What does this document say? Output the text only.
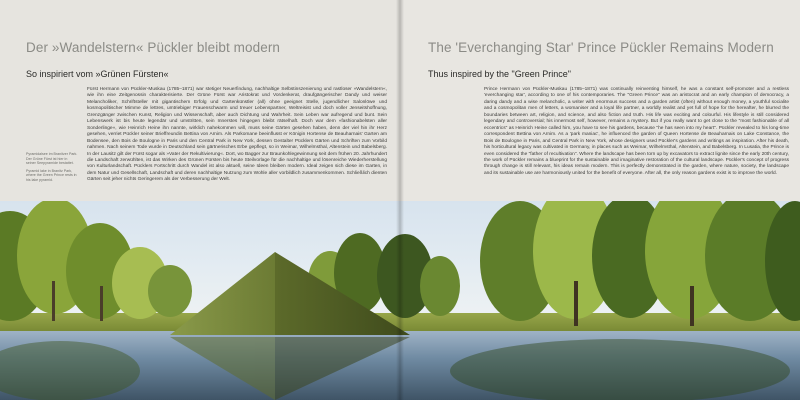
Der »Wandelstern« Pückler bleibt modern
So inspiriert vom »Grünen Fürsten«

Pyramidalsee im Branitzer Park. Der Grüne Fürst ist hier in seiner Seepyramide bestattet.

Pyramid lake in Branitz Park, where the Green Prince rests in his lake pyramid.

Fürst Hermann von Pückler-Muskau (1785–1871) war stetiger Neuerfindung, nachhaltige Selbstinszenierung und rastloser »Wandelstern«, wie ihn eine Zeitgenossin charakterisierte. Der Grüne Fürst war Aristokrat und Vordenkerat, draufgängerischer Dandy und weiser Melancholiker, Schriftsteller mit gigantischem Erfolg und Gartenkünstler (all) ohne geeignet Stelle, jugendlicher Salonlöwe und kosmopolitischer Mimme de lettres, umtriebiger Frauenschwarm und treuer Lebenspartner, Weltreisist und doch voller Jenseitshoffnung, Grenzgänger zwischen Kunst, Religion und Wissenschaft, aber auch Dichtung und Wahrheit. Sein Leben war aufregend und bunt. Sein Lebenswerk ist bis heute legendär und umstritten, sein Innerstes hingegen bleibt rätselhaft. Doch war dem »fashionabelsten aller Sonderlinge«, wie Heinrich Heine ihn nannte, wirklich nahekommen will, muss seine Gärten gesehen haben, denn der viel hin ihr Herz gesehen, verriet Pückler seiner Brieffreundin Bettina von Arnim. Als Parkomane beeinflusst er Königin Hortense de Beauharnais' Garten am Bodensee, den Bois de Boulogne in Paris und den Central Park in New York, dessen Gestalter Pücklers Gärten und Schriften zum Vorbild nahmen. Nach seinem Tode wurde in Deutschland sein gärtnerisches Erbe gepflegt, so in Weimar, Wilhelmsthal, Altenstein und Babelsberg. In der Lausitz gilt der Fürst sogar als »Vater der Rekultivierung«. Dort, wo Bagger zur Braunkohlegewinnung seit dem frühen 20. Jahrhundert die Landschaft zerwühlten, ist das Wirken des Grünen Fürsten bis heute Steilvorlage für die nachhaltige und lösenreiche Wiederherstellung von Kulturlandschaft. Pücklers Fortschritt durch Wandel ist also aktuell, seine Ideen bleiben modern. Ideal zeigen sich diese im Garten, in dem Natur und Gesellschaft, Landschaft und deren nachhaltige Nutzung zum Wohle aller vorbildlich zusammenkommen. Schließlich dienten Gärten seit jeher nichts Geringerem als der Verbesserung der Welt.
The 'Everchanging Star' Prince Pückler Remains Modern
Thus inspired by the "Green Prince"
Prince Hermann von Pückler-Muskau (1785–1871) was continually reinventing himself, he was a constant self-promoter and a restless 'everchanging star', according to one of his contemporaries. The "Green Prince" was an aristocrat and an early champion of democracy, a daring dandy and a wise melancholic, a writer with enormous success and a garden artist (often) without enough money, a youthful socialite and a cosmopolitan men of letters, a womaniser and a loyal life partner, a worldly realist and yet full of hope for the hereafter, he blurred the boundaries between art, religion, and science, and also fiction and truth. His life was exciting and colourful. His lifestyle is still considered legendary and controversial; his innermost self, however, remains a mystery. But if you really want to get close to the "most fashionable of all eccentrics" as Heinrich Heine called him, you have to see his gardens, because "he has seen into my heart". Pückler revealed to his long-time correspondent Bettina von Arnim. As a 'park maniac', he influenced the garden of Queen Hortense de Beauharnais on Lake Constance, the Bois de Boulogne in Paris, and Central Park in New York, whose designers used Pückler's gardens and writings as inspiration. After his death, his horticultural legacy was cultivated in Germany, in places such as Weimar, Wilhelmsthal, Altenstein, and Babelsberg. In Lusatia, the Prince is even considered the "father of recultivation". Where the landscape has been torn up by excavators to extract lignite since the early 20th century, the work of Pückler remains a blueprint for the sustainable and imaginative restoration of the cultural landscape. Pückler's concept of progress through change is still relevant, his ideas remain modern. This is perfectly demonstrated in the garden, where nature, society, the landscape and its sustainable use are harmoniously united for the benefit of everyone. After all, the only reason gardens exist is to improve the world.
